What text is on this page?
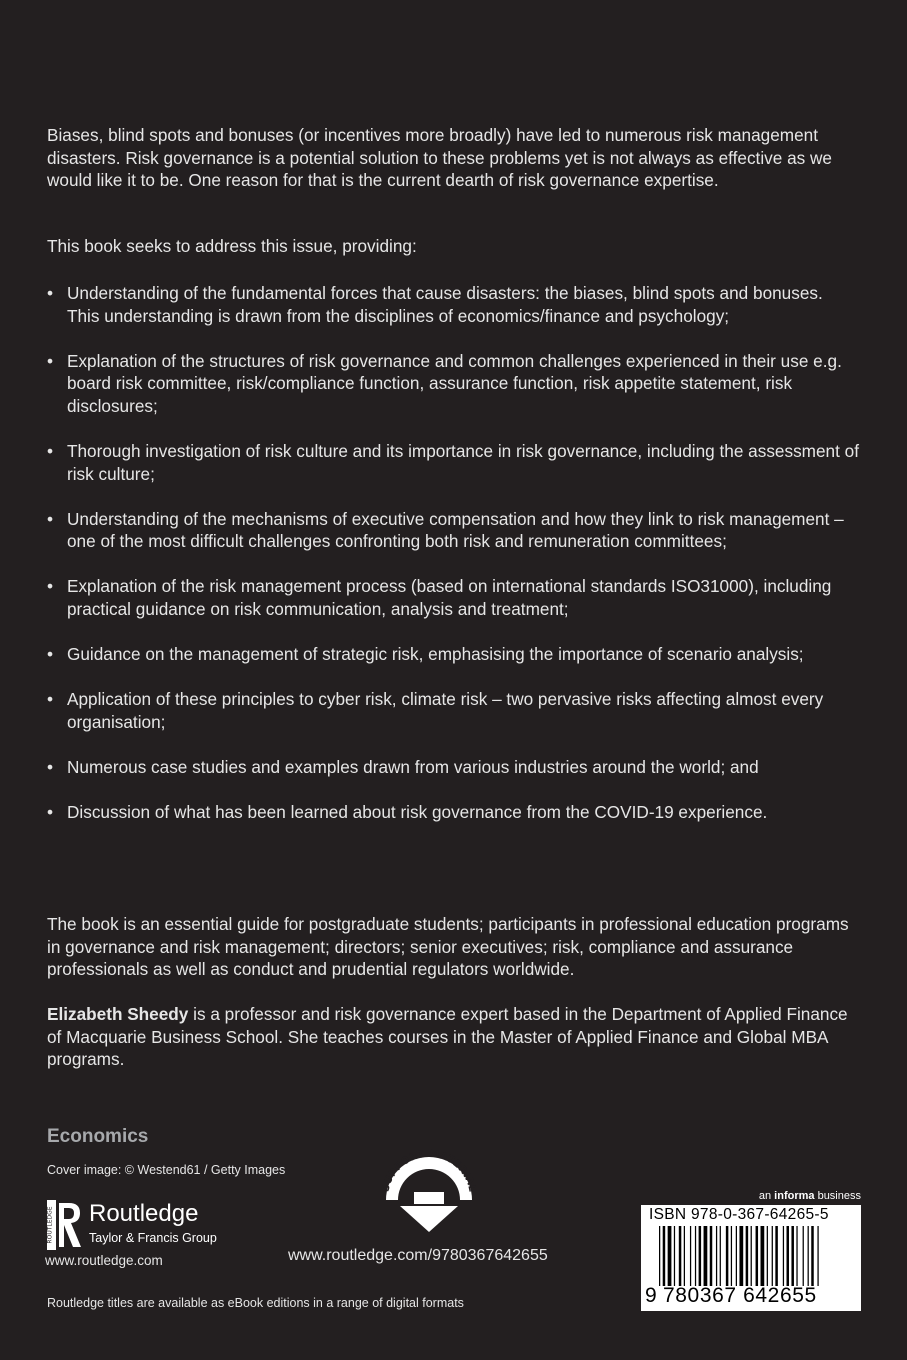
Biases, blind spots and bonuses (or incentives more broadly) have led to numerous risk management disasters. Risk governance is a potential solution to these problems yet is not always as effective as we would like it to be. One reason for that is the current dearth of risk governance expertise.

This book seeks to address this issue, providing:

• Understanding of the fundamental forces that cause disasters: the biases, blind spots and bonuses. This understanding is drawn from the disciplines of economics/finance and psychology;
• Explanation of the structures of risk governance and common challenges experienced in their use e.g. board risk committee, risk/compliance function, assurance function, risk appetite statement, risk disclosures;
• Thorough investigation of risk culture and its importance in risk governance, including the assessment of risk culture;
• Understanding of the mechanisms of executive compensation and how they link to risk management – one of the most difficult challenges confronting both risk and remuneration committees;
• Explanation of the risk management process (based on international standards ISO31000), including practical guidance on risk communication, analysis and treatment;
• Guidance on the management of strategic risk, emphasising the importance of scenario analysis;
• Application of these principles to cyber risk, climate risk – two pervasive risks affecting almost every organisation;
• Numerous case studies and examples drawn from various industries around the world; and
• Discussion of what has been learned about risk governance from the COVID-19 experience.

The book is an essential guide for postgraduate students; participants in professional education programs in governance and risk management; directors; senior executives; risk, compliance and assurance professionals as well as conduct and prudential regulators worldwide.

Elizabeth Sheedy is a professor and risk governance expert based in the Department of Applied Finance of Macquarie Business School. She teaches courses in the Master of Applied Finance and Global MBA programs.

Economics
Cover image: © Westend61 / Getty Images
ROUTLEDGE Routledge
Taylor & Francis Group
www.routledge.com
SUPPORT MATERIAL
www.routledge.com/9780367642655
Routledge titles are available as eBook editions in a range of digital formats
an informa business
ISBN 978-0-367-64265-5
9 780367 642655
